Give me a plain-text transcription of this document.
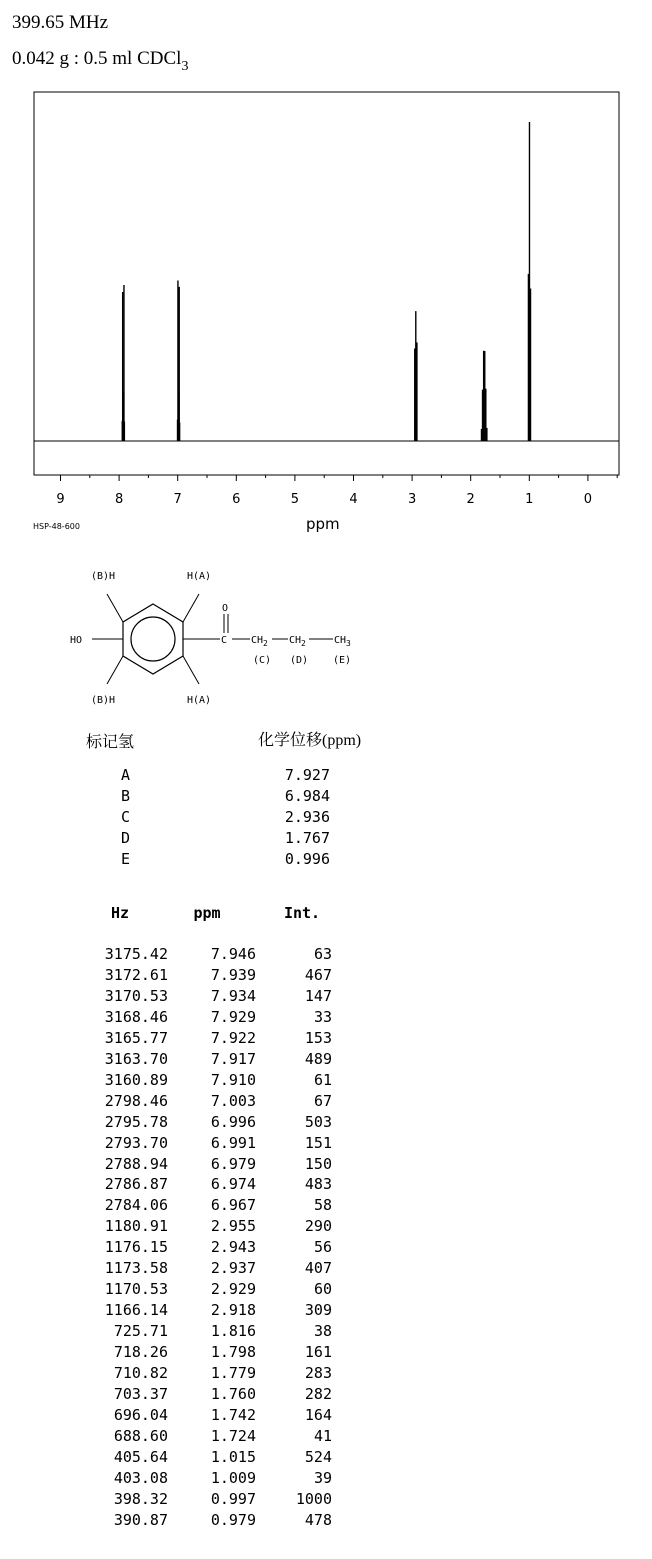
399.65 MHz
0.042 g : 0.5 ml CDCl$_3$
9	8	7	6	5	4	3	2	1	0
HSP-48-600	ppm
(B)H	H(A)
(B)H	H(A)
HO
O
C $CH_2$ $CH_2$	$CH_3$
(C) (D) (E)
标记氢	化学位移(ppm)
A	7.927
B	6.984
C	2.936
D	1.767
E	0.996
Hz	ppm	Int.
3175.42	7.946	63
3172.61	7.939	467
3170.53	7.934	147
3168.46	7.929	33
3165.77	7.922	153
3163.70	7.917	489
3160.89	7.910	61
2798.46	7.003	67
2795.78	6.996	503
2793.70	6.991	151
2788.94	6.979	150
2786.87	6.974	483
2784.06	6.967	58
1180.91	2.955	290
1176.15	2.943	56
1173.58	2.937	407
1170.53	2.929	60
1166.14	2.918	309
725.71	1.816	38
718.26	1.798	161
710.82	1.779	283
703.37	1.760	282
696.04	1.742	164
688.60	1.724	41
405.64	1.015	524
403.08	1.009	39
398.32	0.997	1000
390.87	0.979	478
